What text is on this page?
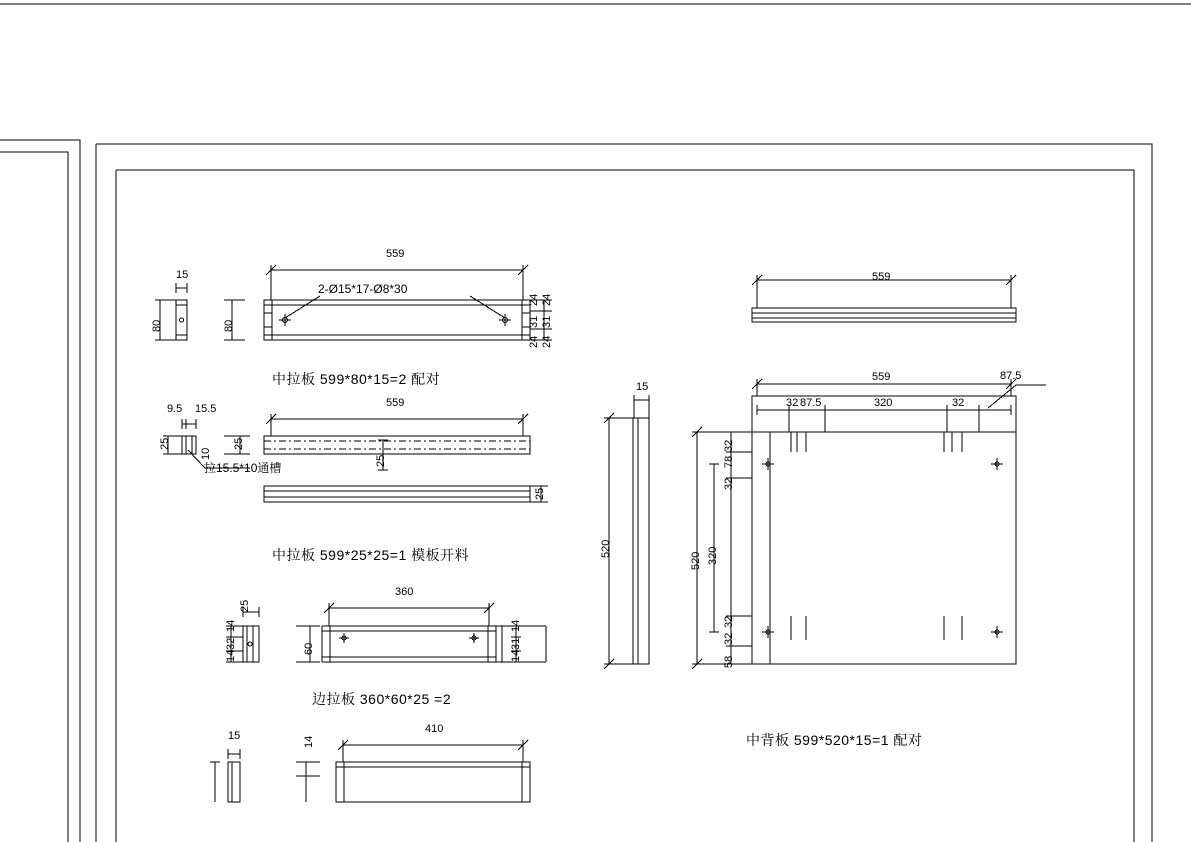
559
15
80	80
2-Ø15*17-Ø8*30
24
31
24
24
31
24
中拉板 599*80*15=2 配对
559
9.5 15.5
25
10
25
25
25
拉15.5*10通槽
中拉板 599*25*25=1 模板开料
360
25
14
32
14
60
14
31
14
边拉板 360*60*25 =2
410
15	14
15
520
559
559	87.5
32 87.5	320	32
32
78
32
320
520
58
32
32
中背板 599*520*15=1 配对
